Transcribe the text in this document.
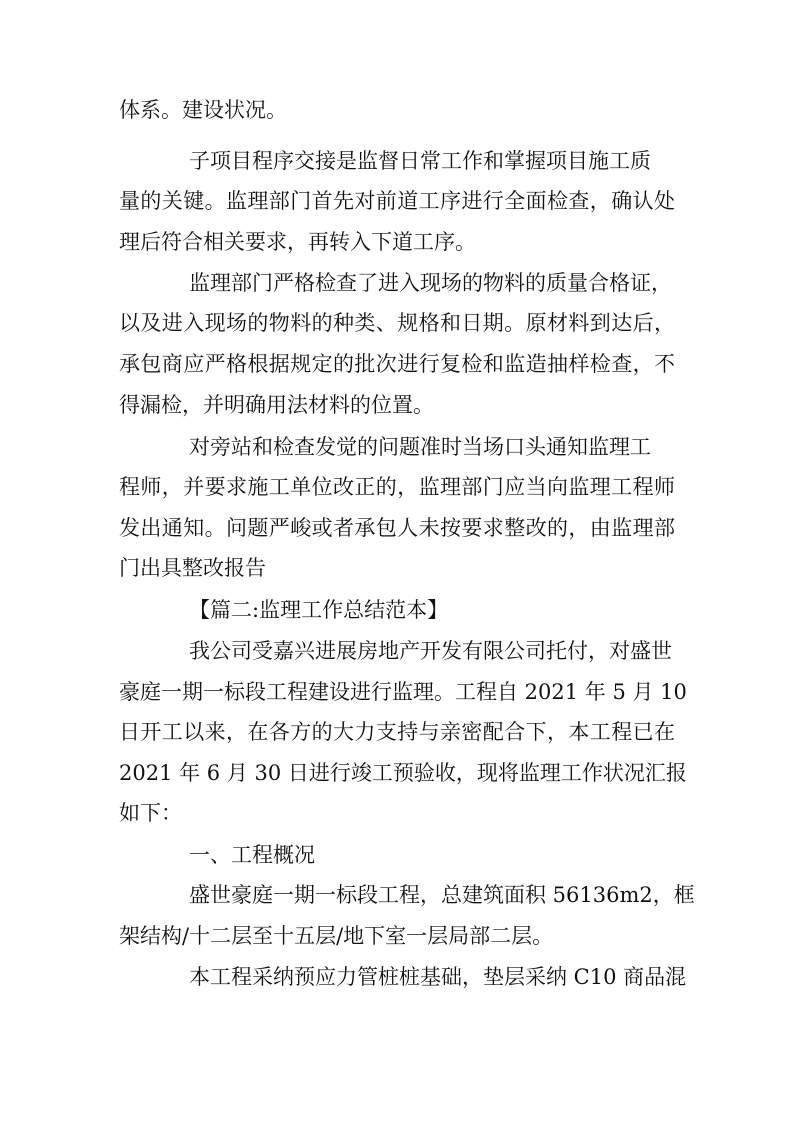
体系。建设状况。
子项目程序交接是监督日常工作和掌握项目施工质
量的关键。监理部门首先对前道工序进行全面检查，确认处
理后符合相关要求，再转入下道工序。
监理部门严格检查了进入现场的物料的质量合格证，
以及进入现场的物料的种类、规格和日期。原材料到达后，
承包商应严格根据规定的批次进行复检和监造抽样检查，不
得漏检，并明确用法材料的位置。
对旁站和检查发觉的问题准时当场口头通知监理工
程师，并要求施工单位改正的，监理部门应当向监理工程师
发出通知。问题严峻或者承包人未按要求整改的，由监理部
门出具整改报告
【篇二:监理工作总结范本】
我公司受嘉兴进展房地产开发有限公司托付，对盛世
豪庭一期一标段工程建设进行监理。工程自 2021 年 5 月 10
日开工以来，在各方的大力支持与亲密配合下，本工程已在
2021 年 6 月 30 日进行竣工预验收，现将监理工作状况汇报
如下：
一、工程概况
盛世豪庭一期一标段工程，总建筑面积 56136m2，框
架结构/十二层至十五层/地下室一层局部二层。
本工程采纳预应力管桩桩基础，垫层采纳 C10 商品混
